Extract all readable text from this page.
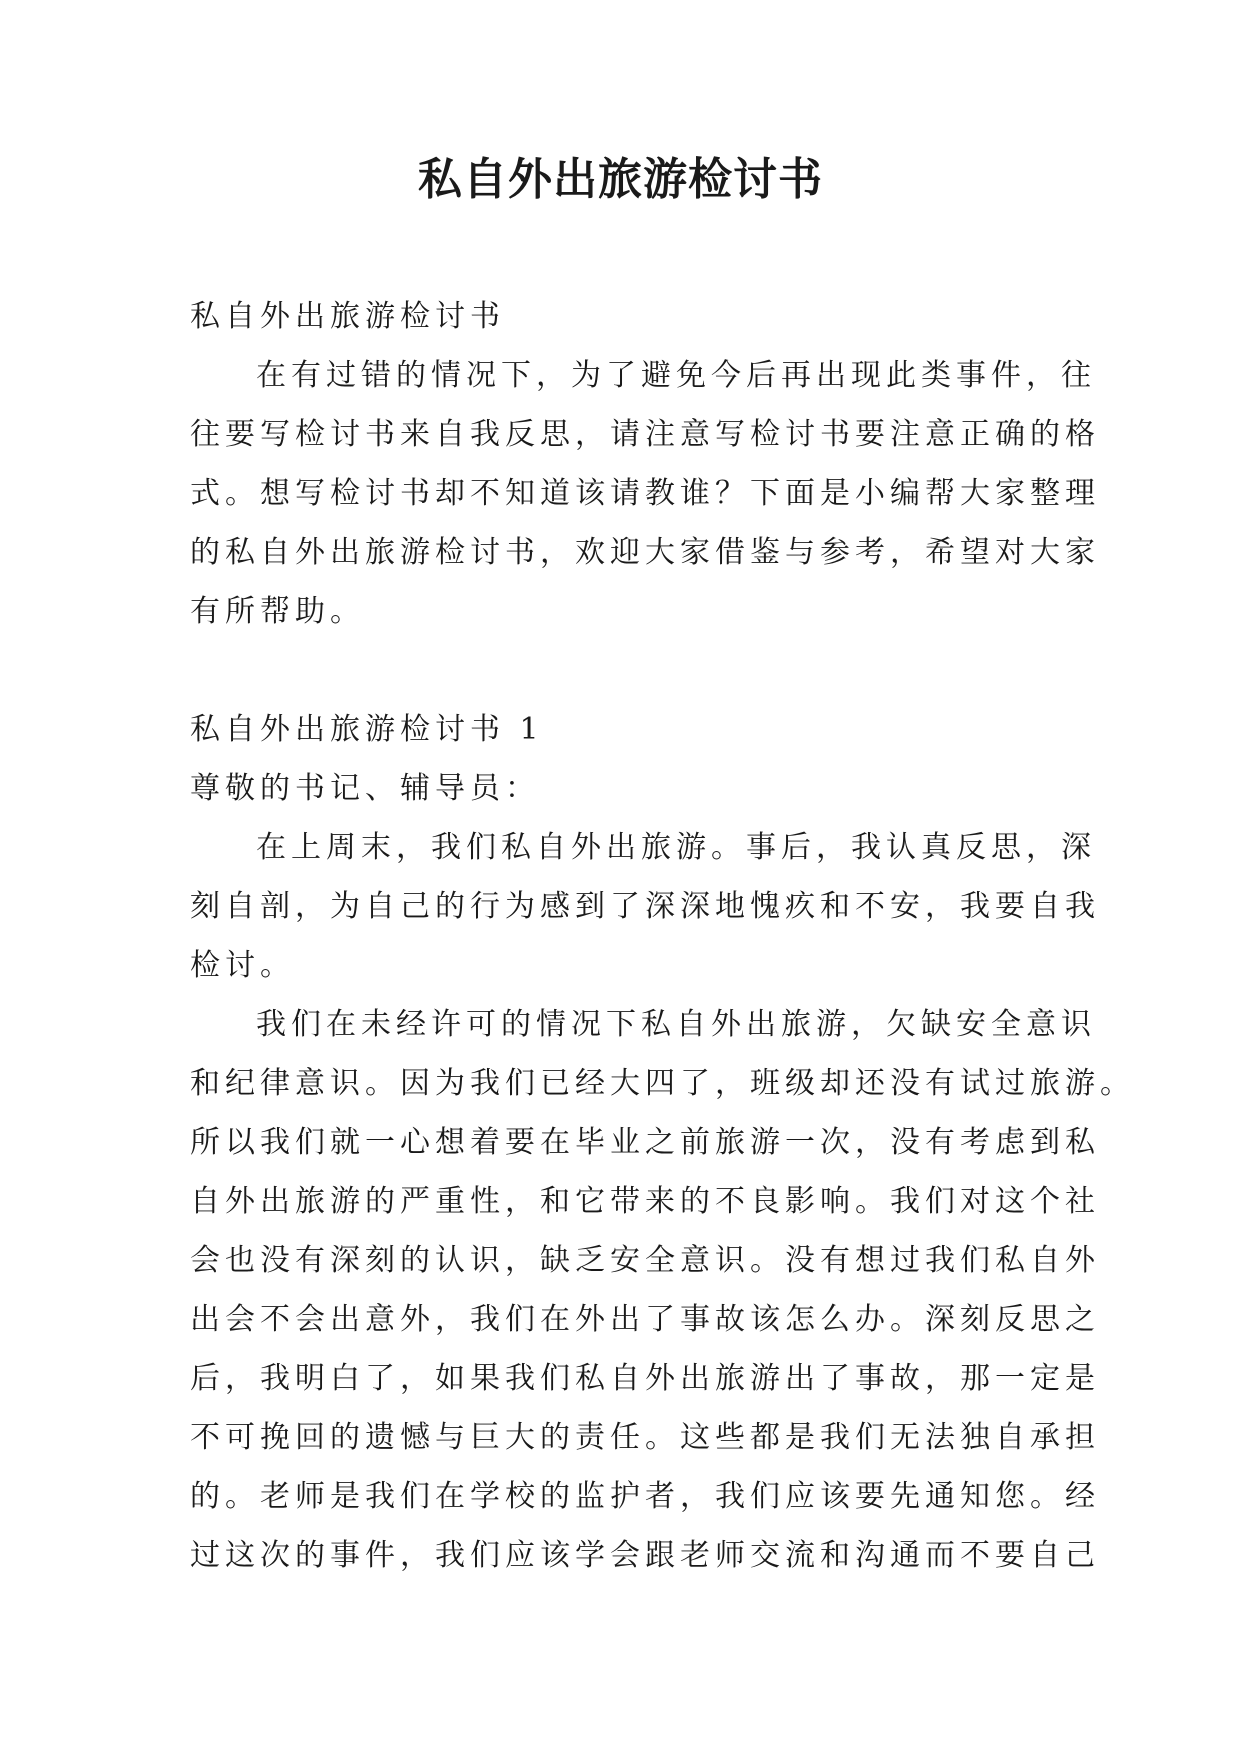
私自外出旅游检讨书

私自外出旅游检讨书

在有过错的情况下，为了避免今后再出现此类事件，往

往要写检讨书来自我反思，请注意写检讨书要注意正确的格

式。想写检讨书却不知道该请教谁？下面是小编帮大家整理

的私自外出旅游检讨书，欢迎大家借鉴与参考，希望对大家

有所帮助。

私自外出旅游检讨书 1

尊敬的书记、辅导员：

在上周末，我们私自外出旅游。事后，我认真反思，深

刻自剖，为自己的行为感到了深深地愧疚和不安，我要自我

检讨。

我们在未经许可的情况下私自外出旅游，欠缺安全意识

和纪律意识。因为我们已经大四了，班级却还没有试过旅游。

所以我们就一心想着要在毕业之前旅游一次，没有考虑到私

自外出旅游的严重性，和它带来的不良影响。我们对这个社

会也没有深刻的认识，缺乏安全意识。没有想过我们私自外

出会不会出意外，我们在外出了事故该怎么办。深刻反思之

后，我明白了，如果我们私自外出旅游出了事故，那一定是

不可挽回的遗憾与巨大的责任。这些都是我们无法独自承担

的。老师是我们在学校的监护者，我们应该要先通知您。经

过这次的事件，我们应该学会跟老师交流和沟通而不要自己
